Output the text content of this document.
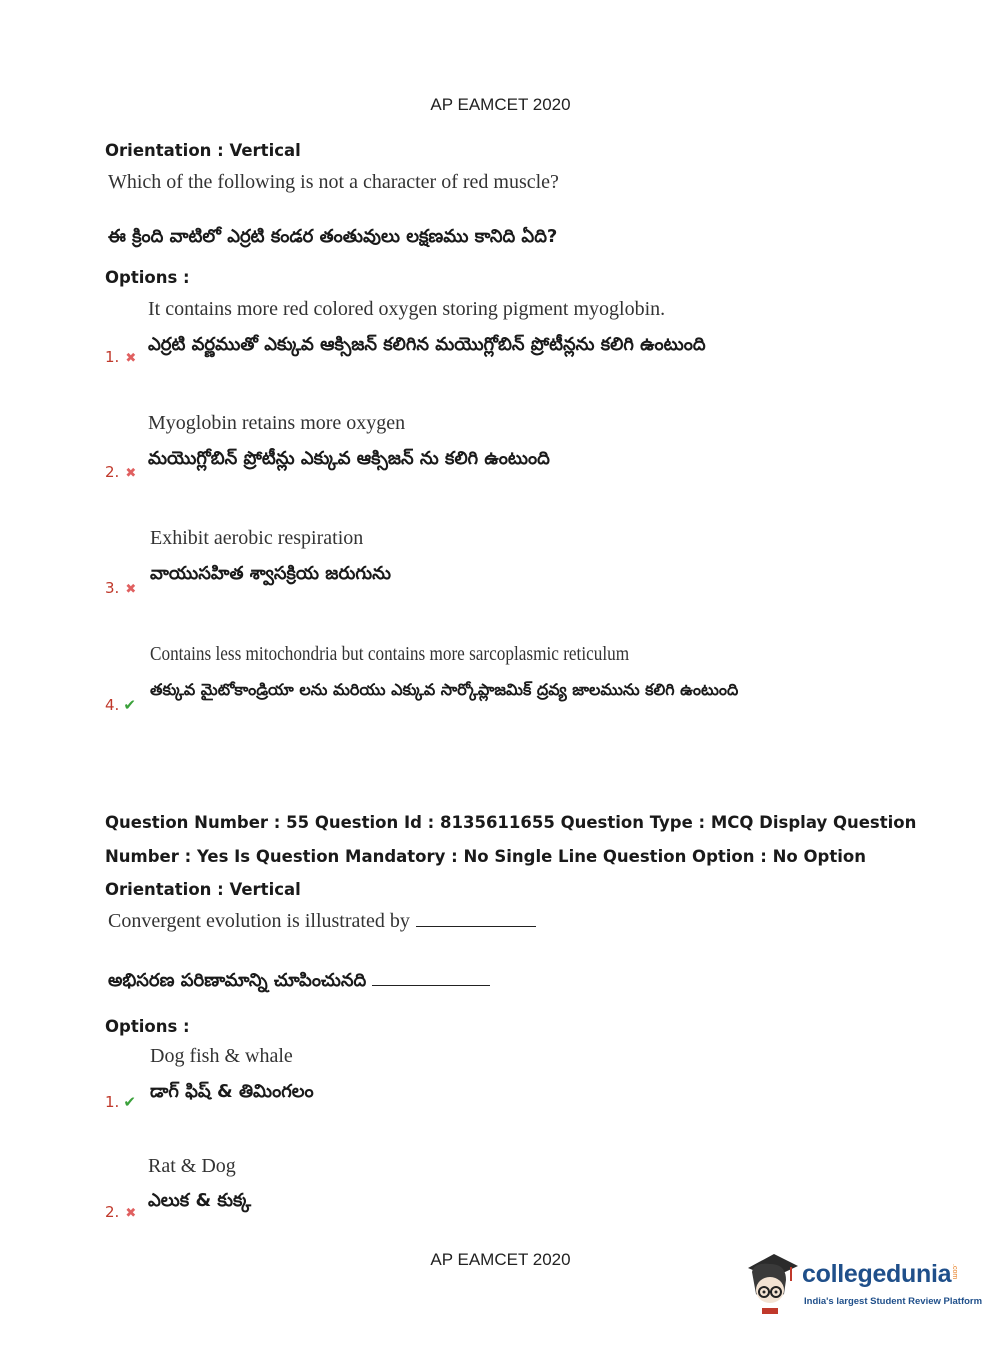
AP EAMCET 2020
Orientation : Vertical
Which of the following is not a character of red muscle?
ఈ క్రింది వాటిలో ఎర్రటి కండర తంతువులు లక్షణము కానిది ఏది?
Options :
It contains more red colored oxygen storing pigment myoglobin.
ఎర్రటి వర్ణముతో ఎక్కువ ఆక్సిజన్ కలిగిన మయొగ్లోబిన్ ప్రోటీన్లను కలిగి ఉంటుంది
1. ✖
Myoglobin retains more oxygen
మయొగ్లోబిన్ ప్రోటీన్లు ఎక్కువ ఆక్సిజన్ ను కలిగి ఉంటుంది
2. ✖
Exhibit aerobic respiration
వాయుసహిత శ్వాసక్రియ జరుగును
3. ✖
Contains less mitochondria but contains more sarcoplasmic reticulum
తక్కువ మైటోకాండ్రియా లను మరియు ఎక్కువ సార్కోప్లాజమిక్ ద్రవ్య జాలమును కలిగి ఉంటుంది
4. ✔
Question Number : 55 Question Id : 8135611655 Question Type : MCQ Display Question
Number : Yes Is Question Mandatory : No Single Line Question Option : No Option
Orientation : Vertical
Convergent evolution is illustrated by
అభిసరణ పరిణామాన్ని చూపించునది
Options :
Dog fish & whale
డాగ్ ఫిష్ & తిమింగలం
1. ✔
Rat & Dog
ఎలుక & కుక్క
2. ✖
AP EAMCET 2020
collegedunia .com
India's largest Student Review Platform
